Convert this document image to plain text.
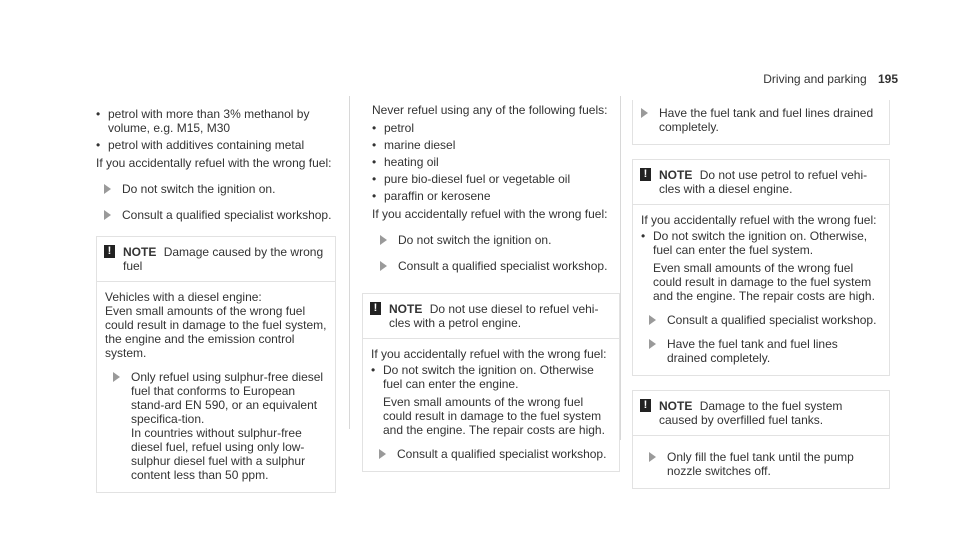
Driving and parking 195
• petrol with more than 3% methanol by volume, e.g. M15, M30
• petrol with additives containing metal

If you accidentally refuel with the wrong fuel:

Do not switch the ignition on.
Consult a qualified specialist workshop.
! NOTE Damage caused by the wrong fuel

Vehicles with a diesel engine:

Even small amounts of the wrong fuel could result in damage to the fuel system, the engine and the emission control system.

Only refuel using sulphur-free diesel fuel that conforms to European stand-ard EN 590, or an equivalent specifica-tion.
In countries without sulphur-free diesel fuel, refuel using only low-sulphur diesel fuel with a sulphur content less than 50 ppm.

Never refuel using any of the following fuels:

• petrol
• marine diesel
• heating oil
• pure bio-diesel fuel or vegetable oil
• paraffin or kerosene

If you accidentally refuel with the wrong fuel:

Do not switch the ignition on.
Consult a qualified specialist workshop.
! NOTE Do not use diesel to refuel vehi-cles with a petrol engine.

If you accidentally refuel with the wrong fuel:

• Do not switch the ignition on. Otherwise fuel can enter the engine.

Even small amounts of the wrong fuel could result in damage to the fuel system and the engine. The repair costs are high.

Consult a qualified specialist workshop.
Have the fuel tank and fuel lines drained completely.
! NOTE Do not use petrol to refuel vehi-cles with a diesel engine.

If you accidentally refuel with the wrong fuel:

• Do not switch the ignition on. Otherwise, fuel can enter the fuel system.

Even small amounts of the wrong fuel could result in damage to the fuel system and the engine. The repair costs are high.

Consult a qualified specialist workshop.
Have the fuel tank and fuel lines drained completely.
! NOTE Damage to the fuel system caused by overfilled fuel tanks.
Only fill the fuel tank until the pump nozzle switches off.
